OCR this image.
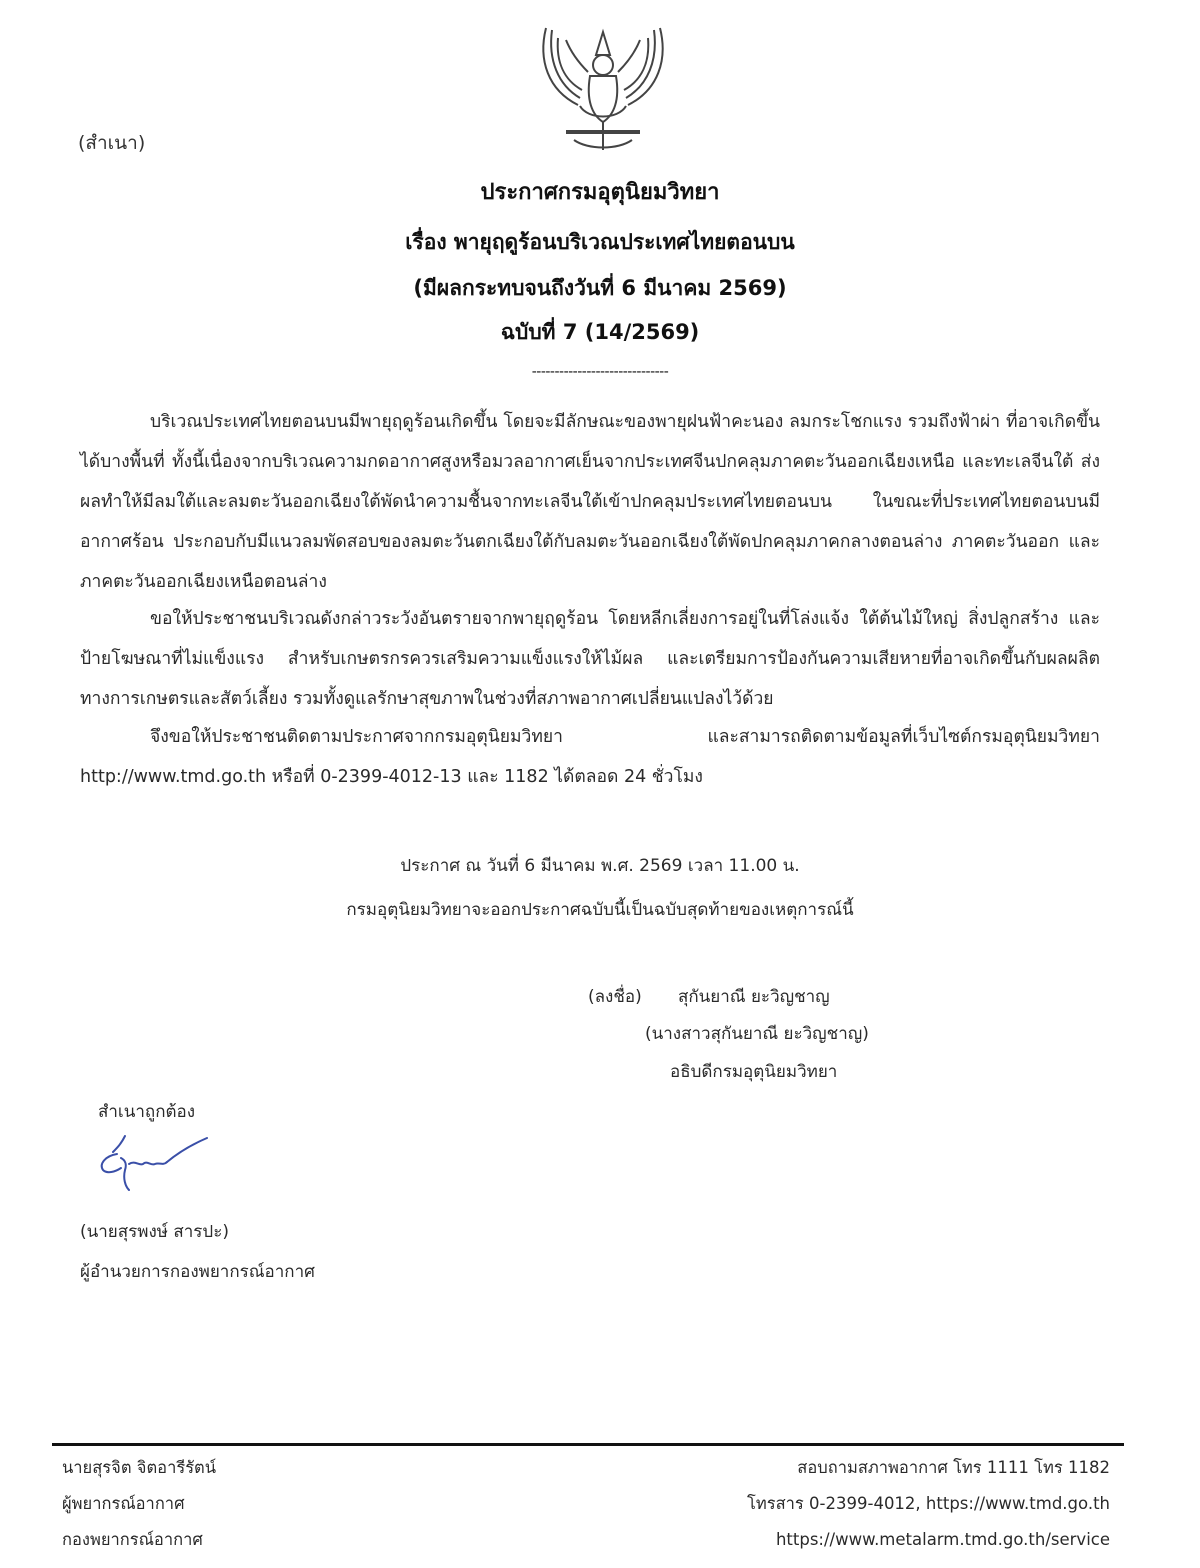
(สำเนา)
ประกาศกรมอุตุนิยมวิทยา
เรื่อง พายุฤดูร้อนบริเวณประเทศไทยตอนบน
(มีผลกระทบจนถึงวันที่ 6 มีนาคม 2569)
ฉบับที่ 7 (14/2569)
------------------------------
บริเวณประเทศไทยตอนบนมีพายุฤดูร้อนเกิดขึ้น โดยจะมีลักษณะของพายุฝนฟ้าคะนอง ลมกระโชกแรง รวมถึงฟ้าผ่า ที่อาจเกิดขึ้นได้บางพื้นที่ ทั้งนี้เนื่องจากบริเวณความกดอากาศสูงหรือมวลอากาศเย็นจากประเทศจีนปกคลุมภาคตะวันออกเฉียงเหนือ และทะเลจีนใต้ ส่งผลทำให้มีลมใต้และลมตะวันออกเฉียงใต้พัดนำความชื้นจากทะเลจีนใต้เข้าปกคลุมประเทศไทยตอนบน ในขณะที่ประเทศไทยตอนบนมีอากาศร้อน ประกอบกับมีแนวลมพัดสอบของลมตะวันตกเฉียงใต้กับลมตะวันออกเฉียงใต้พัดปกคลุมภาคกลางตอนล่าง ภาคตะวันออก และภาคตะวันออกเฉียงเหนือตอนล่าง
ขอให้ประชาชนบริเวณดังกล่าวระวังอันตรายจากพายุฤดูร้อน โดยหลีกเลี่ยงการอยู่ในที่โล่งแจ้ง ใต้ต้นไม้ใหญ่ สิ่งปลูกสร้าง และป้ายโฆษณาที่ไม่แข็งแรง สำหรับเกษตรกรควรเสริมความแข็งแรงให้ไม้ผล และเตรียมการป้องกันความเสียหายที่อาจเกิดขึ้นกับผลผลิตทางการเกษตรและสัตว์เลี้ยง รวมทั้งดูแลรักษาสุขภาพในช่วงที่สภาพอากาศเปลี่ยนแปลงไว้ด้วย
จึงขอให้ประชาชนติดตามประกาศจากกรมอุตุนิยมวิทยา และสามารถติดตามข้อมูลที่เว็บไซต์กรมอุตุนิยมวิทยา http://www.tmd.go.th หรือที่ 0-2399-4012-13 และ 1182 ได้ตลอด 24 ชั่วโมง
ประกาศ ณ วันที่ 6 มีนาคม พ.ศ. 2569 เวลา 11.00 น.
กรมอุตุนิยมวิทยาจะออกประกาศฉบับนี้เป็นฉบับสุดท้ายของเหตุการณ์นี้
(ลงชื่อ) สุกันยาณี ยะวิญชาญ
(นางสาวสุกันยาณี ยะวิญชาญ)
อธิบดีกรมอุตุนิยมวิทยา
สำเนาถูกต้อง
(นายสุรพงษ์ สารปะ)
ผู้อำนวยการกองพยากรณ์อากาศ
นายสุรจิต จิตอารีรัตน์
ผู้พยากรณ์อากาศ
กองพยากรณ์อากาศ
สอบถามสภาพอากาศ โทร 1111 โทร 1182
โทรสาร 0-2399-4012, https://www.tmd.go.th
https://www.metalarm.tmd.go.th/service
